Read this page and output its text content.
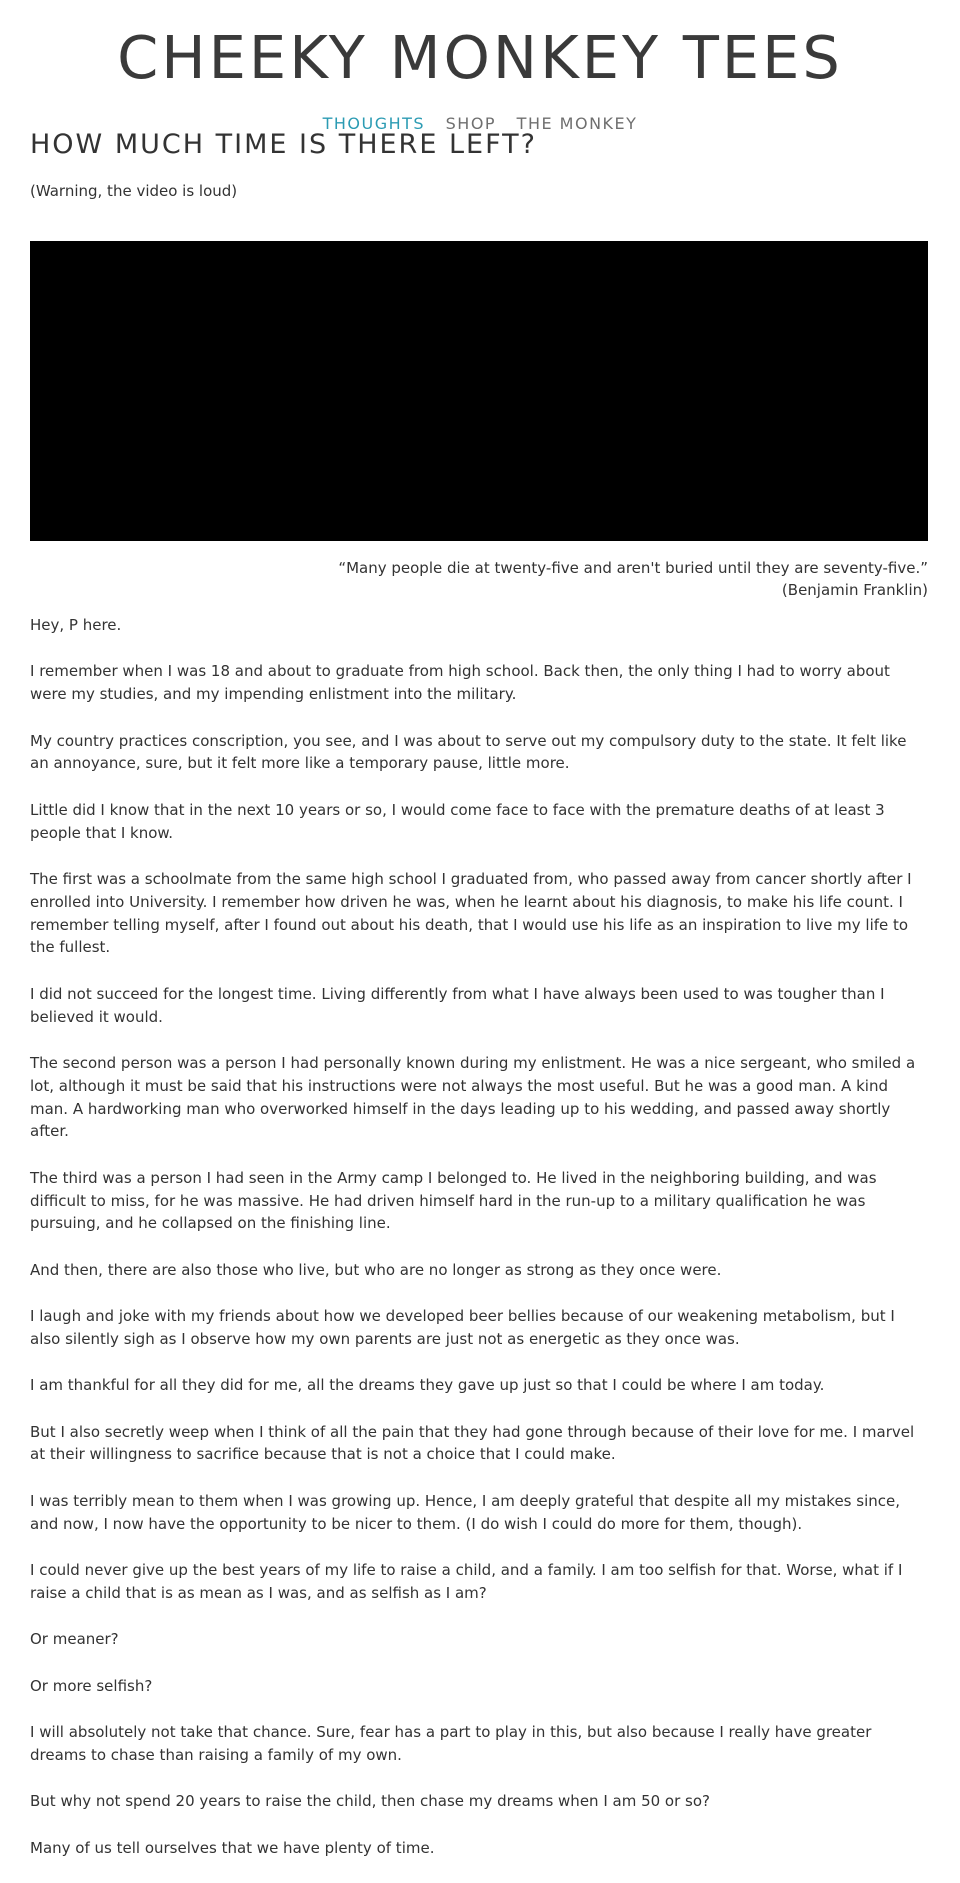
CHEEKY MONKEY TEES
THOUGHTS SHOP THE MONKEY
HOW MUCH TIME IS THERE LEFT?

(Warning, the video is loud)

“Many people die at twenty-five and aren't buried until they are seventy-five.”
(Benjamin Franklin)

Hey, P here.

I remember when I was 18 and about to graduate from high school. Back then, the only thing I had to worry about were my studies, and my impending enlistment into the military.

My country practices conscription, you see, and I was about to serve out my compulsory duty to the state. It felt like an annoyance, sure, but it felt more like a temporary pause, little more.

Little did I know that in the next 10 years or so, I would come face to face with the premature deaths of at least 3 people that I know.

The first was a schoolmate from the same high school I graduated from, who passed away from cancer shortly after I enrolled into University. I remember how driven he was, when he learnt about his diagnosis, to make his life count. I remember telling myself, after I found out about his death, that I would use his life as an inspiration to live my life to the fullest.

I did not succeed for the longest time. Living differently from what I have always been used to was tougher than I believed it would.

The second person was a person I had personally known during my enlistment. He was a nice sergeant, who smiled a lot, although it must be said that his instructions were not always the most useful. But he was a good man. A kind man. A hardworking man who overworked himself in the days leading up to his wedding, and passed away shortly after.

The third was a person I had seen in the Army camp I belonged to. He lived in the neighboring building, and was difficult to miss, for he was massive. He had driven himself hard in the run-up to a military qualification he was pursuing, and he collapsed on the finishing line.

And then, there are also those who live, but who are no longer as strong as they once were.

I laugh and joke with my friends about how we developed beer bellies because of our weakening metabolism, but I also silently sigh as I observe how my own parents are just not as energetic as they once was.

I am thankful for all they did for me, all the dreams they gave up just so that I could be where I am today.

But I also secretly weep when I think of all the pain that they had gone through because of their love for me. I marvel at their willingness to sacrifice because that is not a choice that I could make.

I was terribly mean to them when I was growing up. Hence, I am deeply grateful that despite all my mistakes since, and now, I now have the opportunity to be nicer to them. (I do wish I could do more for them, though).

I could never give up the best years of my life to raise a child, and a family. I am too selfish for that. Worse, what if I raise a child that is as mean as I was, and as selfish as I am?

Or meaner?

Or more selfish?

I will absolutely not take that chance. Sure, fear has a part to play in this, but also because I really have greater dreams to chase than raising a family of my own.

But why not spend 20 years to raise the child, then chase my dreams when I am 50 or so?

Many of us tell ourselves that we have plenty of time.
